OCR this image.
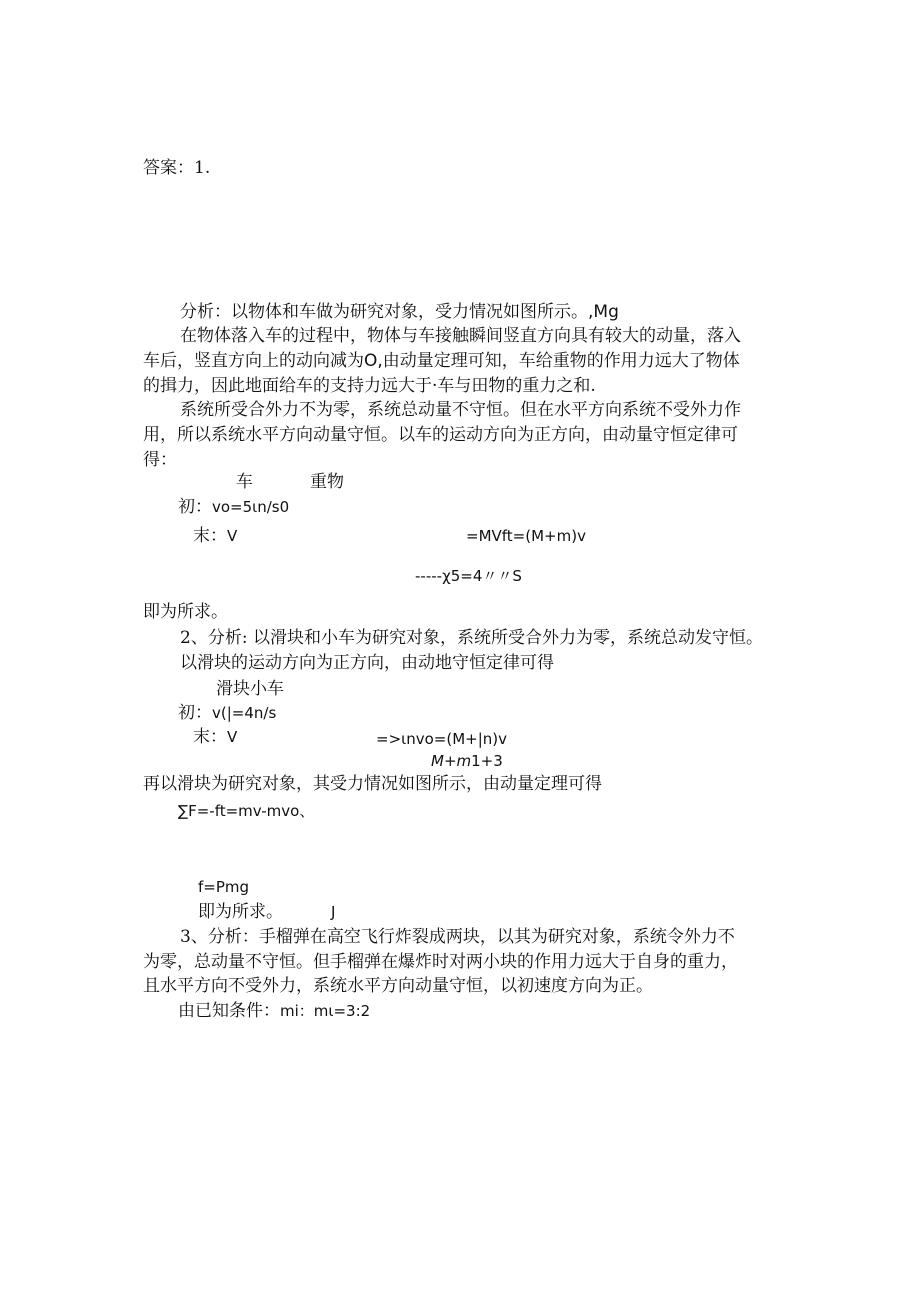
答案：1.
分析：以物体和车做为研究对象，受力情况如图所示。,Mg
在物体落入车的过程中，物体与车接触瞬间竖直方向具有较大的动量，落入
车后，竖直方向上的动向减为O,由动量定理可知，车给重物的作用力远大了物体
的揖力，因此地面给车的支持力远大于·车与田物的重力之和.
系统所受合外力不为零，系统总动量不守恒。但在水平方向系统不受外力作
用，所以系统水平方向动量守恒。以车的运动方向为正方向，由动量守恒定律可
得：
车	重物
初：vo=5ιn∕s0
末：V	=MVft=(M+m)v
-----χ5=4〃〃S
即为所求。
2、分析: 以滑块和小车为研究对象，系统所受合外力为零，系统总动发守恒。
以滑块的运动方向为正方向，由动地守恒定律可得
滑块小车
初：v(|=4n∕s
末：V	=>ιnvo=(M+|n)v
M+m1+3
再以滑块为研究对象，其受力情况如图所示，由动量定理可得
∑F=-ft=mv-mvo、
f=Pmg
即为所求。	J
3、分析：手榴弹在高空飞行炸裂成两块，以其为研究对象，系统令外力不
为零，总动量不守恒。但手榴弹在爆炸时对两小块的作用力远大于自身的重力，
且水平方向不受外力，系统水平方向动量守恒，以初速度方向为正。
由已知条件：mi：mι=3:2
